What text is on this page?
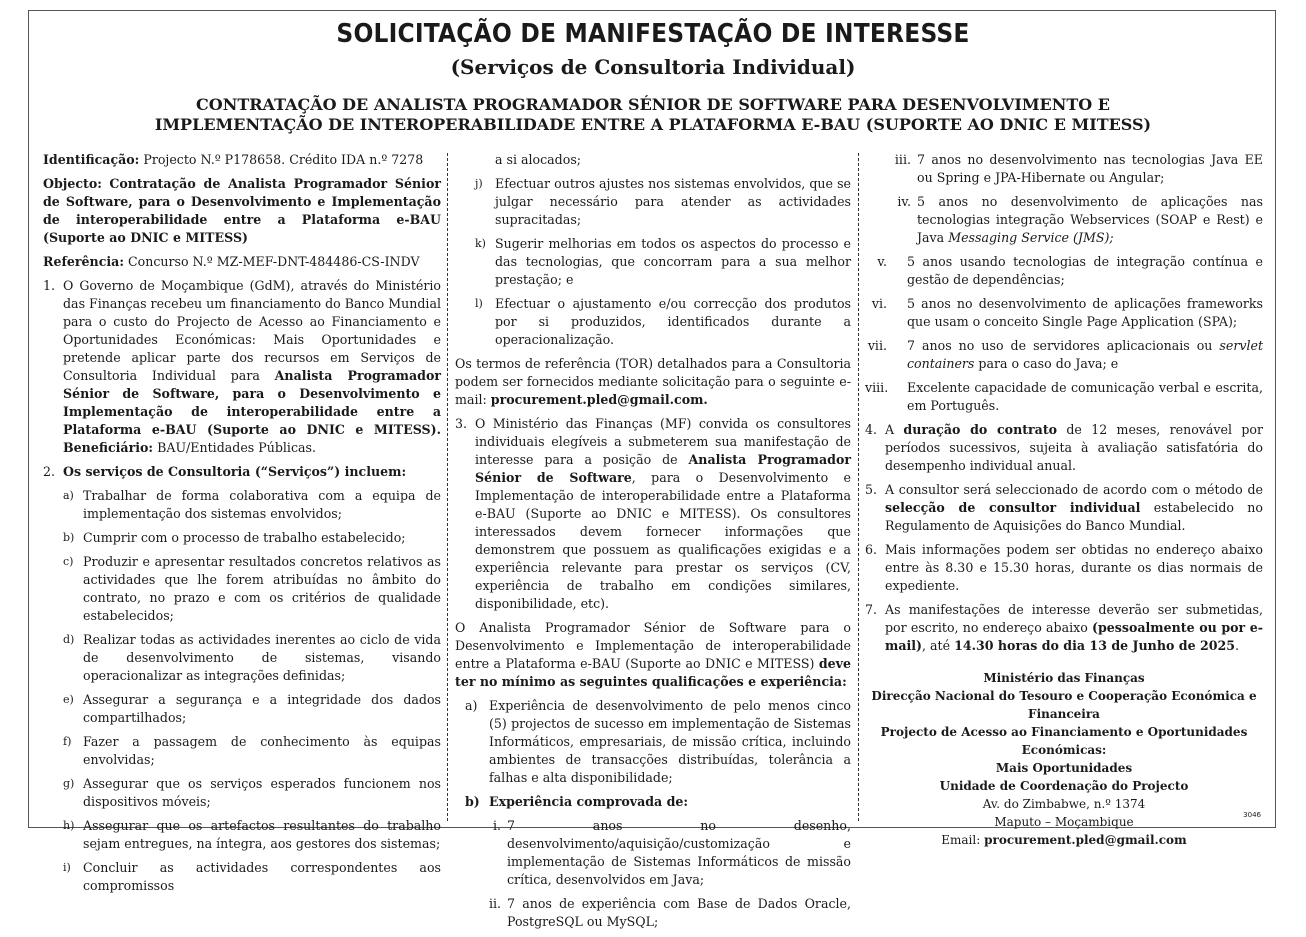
SOLICITAÇÃO DE MANIFESTAÇÃO DE INTERESSE
(Serviços de Consultoria Individual)
CONTRATAÇÃO DE ANALISTA PROGRAMADOR SÉNIOR DE SOFTWARE PARA DESENVOLVIMENTO E
IMPLEMENTAÇÃO DE INTEROPERABILIDADE ENTRE A PLATAFORMA E-BAU (SUPORTE AO DNIC E MITESS)

Identificação: Projecto N.º P178658. Crédito IDA n.º 7278

Objecto: Contratação de Analista Programador Sénior de Software, para o Desenvolvimento e Implementação de interoperabilidade entre a Plataforma e-BAU (Suporte ao DNIC e MITESS)

Referência: Concurso N.º MZ-MEF-DNT-484486-CS-INDV

1. O Governo de Moçambique (GdM), através do Ministério das Finanças recebeu um financiamento do Banco Mundial para o custo do Projecto de Acesso ao Financiamento e Oportunidades Económicas: Mais Oportunidades e pretende aplicar parte dos recursos em Serviços de Consultoria Individual para Analista Programador Sénior de Software, para o Desenvolvimento e Implementação de interoperabilidade entre a Plataforma e-BAU (Suporte ao DNIC e MITESS). Beneficiário: BAU/Entidades Públicas.
2. Os serviços de Consultoria (“Serviços”) incluem:
a) Trabalhar de forma colaborativa com a equipa de implementação dos sistemas envolvidos;
b) Cumprir com o processo de trabalho estabelecido;
c) Produzir e apresentar resultados concretos relativos as actividades que lhe forem atribuídas no âmbito do contrato, no prazo e com os critérios de qualidade estabelecidos;
d) Realizar todas as actividades inerentes ao ciclo de vida de desenvolvimento de sistemas, visando operacionalizar as integrações definidas;
e) Assegurar a segurança e a integridade dos dados compartilhados;
f) Fazer a passagem de conhecimento às equipas envolvidas;
g) Assegurar que os serviços esperados funcionem nos dispositivos móveis;
h) Assegurar que os artefactos resultantes do trabalho sejam entregues, na íntegra, aos gestores dos sistemas;
i) Concluir as actividades correspondentes aos compromissos
a si alocados;
j) Efectuar outros ajustes nos sistemas envolvidos, que se julgar necessário para atender as actividades supracitadas;
k) Sugerir melhorias em todos os aspectos do processo e das tecnologias, que concorram para a sua melhor prestação; e
l) Efectuar o ajustamento e/ou correcção dos produtos por si produzidos, identificados durante a operacionalização.

Os termos de referência (TOR) detalhados para a Consultoria podem ser fornecidos mediante solicitação para o seguinte e-mail: procurement.pled@gmail.com.

3. O Ministério das Finanças (MF) convida os consultores individuais elegíveis a submeterem sua manifestação de interesse para a posição de Analista Programador Sénior de Software, para o Desenvolvimento e Implementação de interoperabilidade entre a Plataforma e-BAU (Suporte ao DNIC e MITESS). Os consultores interessados devem fornecer informações que demonstrem que possuem as qualificações exigidas e a experiência relevante para prestar os serviços (CV, experiência de trabalho em condições similares, disponibilidade, etc).

O Analista Programador Sénior de Software para o Desenvolvimento e Implementação de interoperabilidade entre a Plataforma e-BAU (Suporte ao DNIC e MITESS) deve ter no mínimo as seguintes qualificações e experiência:

a) Experiência de desenvolvimento de pelo menos cinco (5) projectos de sucesso em implementação de Sistemas Informáticos, empresariais, de missão crítica, incluindo ambientes de transacções distribuídas, tolerância a falhas e alta disponibilidade;
b) Experiência comprovada de:
i. 7 anos no desenho, desenvolvimento/aquisição/customização e implementação de Sistemas Informáticos de missão crítica, desenvolvidos em Java;
ii. 7 anos de experiência com Base de Dados Oracle, PostgreSQL ou MySQL;
iii. 7 anos no desenvolvimento nas tecnologias Java EE ou Spring e JPA-Hibernate ou Angular;
iv. 5 anos no desenvolvimento de aplicações nas tecnologias integração Webservices (SOAP e Rest) e Java Messaging Service (JMS);
v. 5 anos usando tecnologias de integração contínua e gestão de dependências;
vi. 5 anos no desenvolvimento de aplicações frameworks que usam o conceito Single Page Application (SPA);
vii. 7 anos no uso de servidores aplicacionais ou servlet containers para o caso do Java; e
viii. Excelente capacidade de comunicação verbal e escrita, em Português.
4. A duração do contrato de 12 meses, renovável por períodos sucessivos, sujeita à avaliação satisfatória do desempenho individual anual.
5. A consultor será seleccionado de acordo com o método de selecção de consultor individual estabelecido no Regulamento de Aquisições do Banco Mundial.
6. Mais informações podem ser obtidas no endereço abaixo entre às 8.30 e 15.30 horas, durante os dias normais de expediente.
7. As manifestações de interesse deverão ser submetidas, por escrito, no endereço abaixo (pessoalmente ou por e-mail), até 14.30 horas do dia 13 de Junho de 2025.
Ministério das Finanças
Direcção Nacional do Tesouro e Cooperação Económica e Financeira
Projecto de Acesso ao Financiamento e Oportunidades Económicas:
Mais Oportunidades
Unidade de Coordenação do Projecto
Av. do Zimbabwe, n.º 1374
Maputo – Moçambique
Email: procurement.pled@gmail.com
3046
